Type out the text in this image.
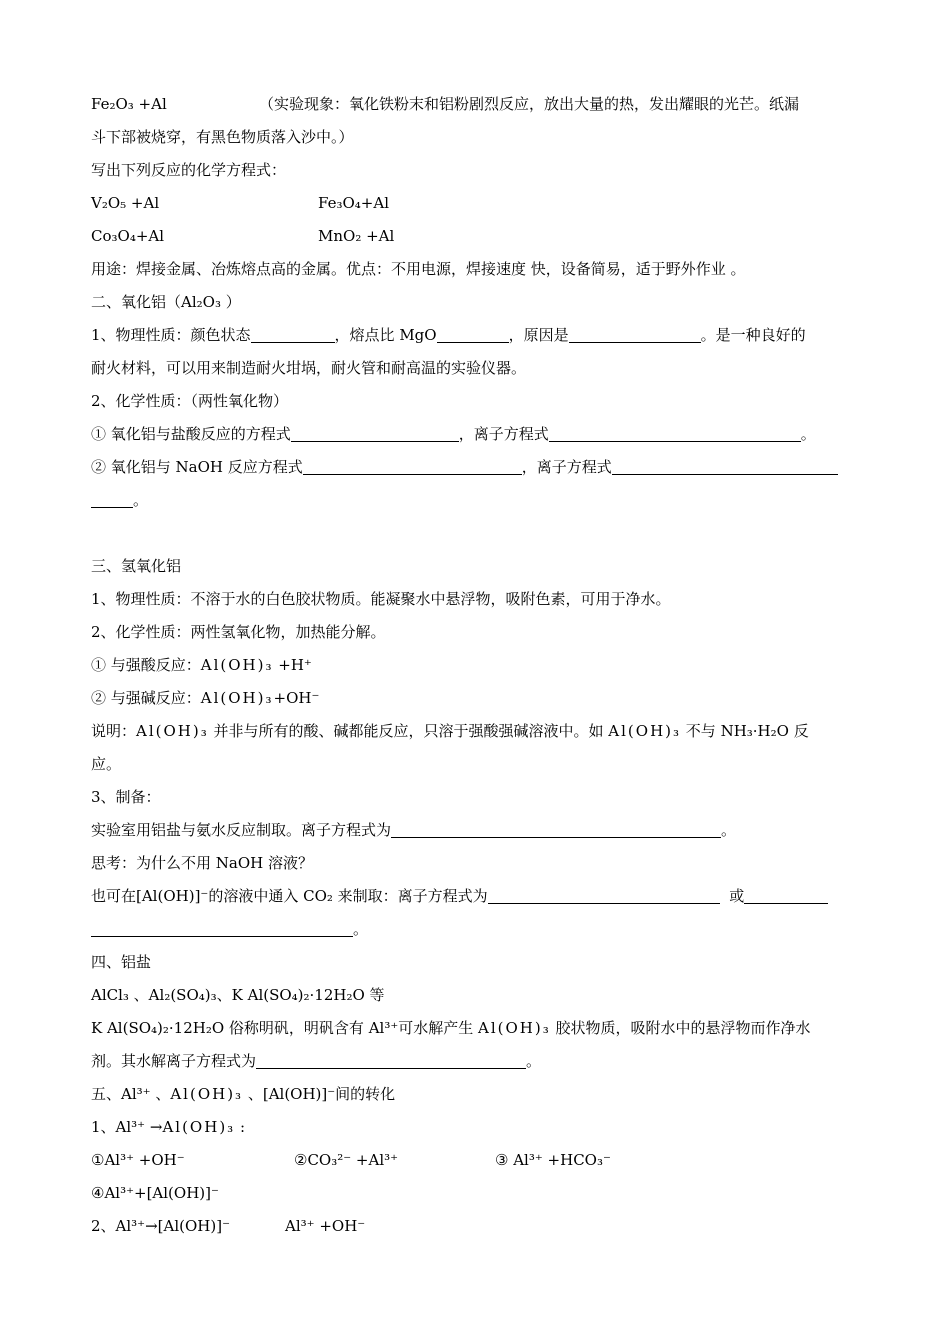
Fe₂O₃ +Al	（实验现象：氧化铁粉末和铝粉剧烈反应，放出大量的热，发出耀眼的光芒。纸漏
斗下部被烧穿，有黑色物质落入沙中。）
写出下列反应的化学方程式：
V₂O₅ +Al	Fe₃O₄+Al
Co₃O₄+Al	MnO₂ +Al
用途：焊接金属、冶炼熔点高的金属。优点：不用电源，焊接速度 快，设备简易，适于野外作业 。
二、氧化铝（Al₂O₃ ）
1、物理性质：颜色状态	，熔点比 MgO	，原因是	。是一种良好的
耐火材料，可以用来制造耐火坩埚，耐火管和耐高温的实验仪器。
2、化学性质：（两性氧化物）
① 氧化铝与盐酸反应的方程式	，离子方程式	。
② 氧化铝与 NaOH 反应方程式	，离子方程式
。
三、氢氧化铝
1、物理性质：不溶于水的白色胶状物质。能凝聚水中悬浮物，吸附色素，可用于净水。
2、化学性质：两性氢氧化物，加热能分解。
① 与强酸反应：Al(OH)₃ +H⁺
② 与强碱反应：Al(OH)₃+OH⁻
说明：Al(OH)₃ 并非与所有的酸、碱都能反应，只溶于强酸强碱溶液中。如 Al(OH)₃ 不与 NH₃·H₂O 反
应。
3、制备：
实验室用铝盐与氨水反应制取。离子方程式为	。
思考：为什么不用 NaOH 溶液？
也可在[Al(OH)]⁻的溶液中通入 CO₂ 来制取：离子方程式为	或
。
四、铝盐
AlCl₃ 、Al₂(SO₄)₃、K Al(SO₄)₂·12H₂O 等
K Al(SO₄)₂·12H₂O 俗称明矾，明矾含有 Al³⁺可水解产生 Al(OH)₃ 胶状物质，吸附水中的悬浮物而作净水
剂。其水解离子方程式为	。
五、Al³⁺ 、Al(OH)₃ 、[Al(OH)]⁻间的转化
1、Al³⁺ →Al(OH)₃ :
①Al³⁺ +OH⁻	②CO₃²⁻ +Al³⁺	③ Al³⁺ +HCO₃⁻
④Al³⁺+[Al(OH)]⁻
2、Al³⁺→[Al(OH)]⁻	Al³⁺ +OH⁻
